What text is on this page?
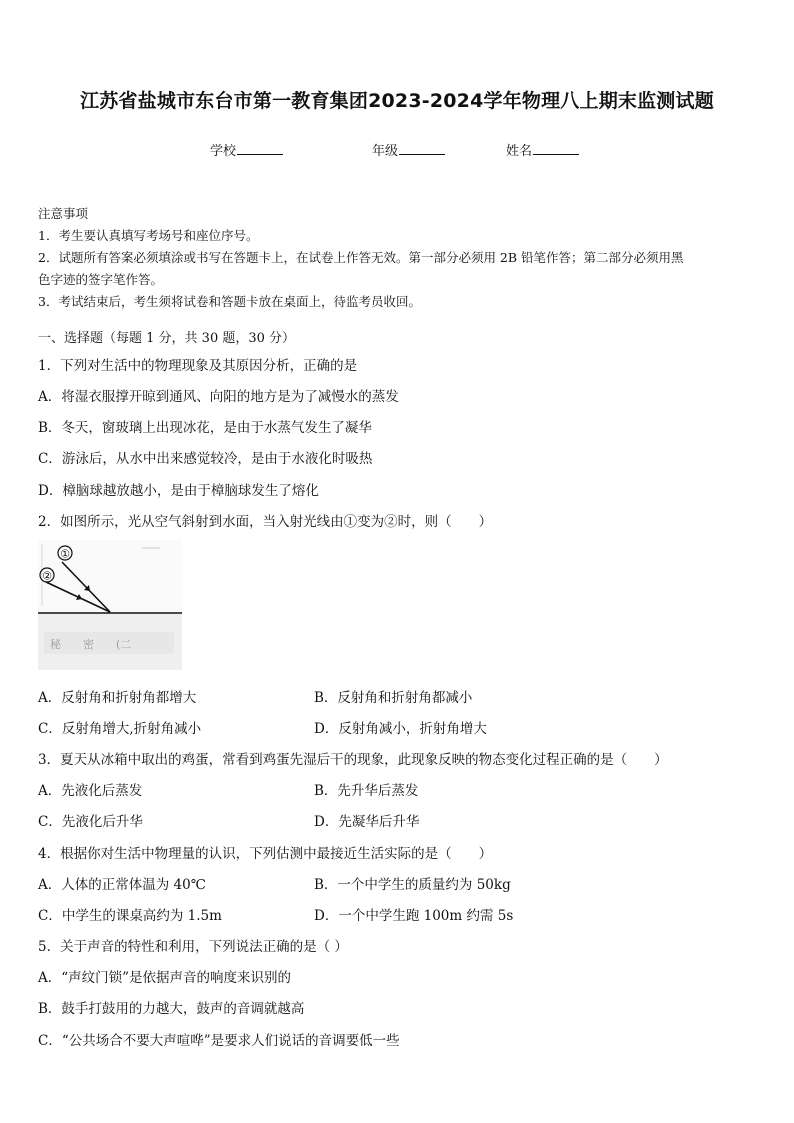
江苏省盐城市东台市第一教育集团2023-2024学年物理八上期末监测试题
学校	年级	姓名
注意事项
1．考生要认真填写考场号和座位序号。
2．试题所有答案必须填涂或书写在答题卡上，在试卷上作答无效。第一部分必须用 2B 铅笔作答；第二部分必须用黑
色字迹的签字笔作答。
3．考试结束后，考生须将试卷和答题卡放在桌面上，待监考员收回。
一、选择题（每题 1 分，共 30 题，30 分）
1．下列对生活中的物理现象及其原因分析，正确的是
A．将湿衣服撑开晾到通风、向阳的地方是为了减慢水的蒸发
B．冬天，窗玻璃上出现冰花，是由于水蒸气发生了凝华
C．游泳后，从水中出来感觉较冷，是由于水液化时吸热
D．樟脑球越放越小，是由于樟脑球发生了熔化
2．如图所示，光从空气斜射到水面，当入射光线由①变为②时，则（　　）
①
②
秘　　密　　(二
A．反射角和折射角都增大	B．反射角和折射角都减小
C．反射角增大,折射角减小	D．反射角减小，折射角增大
3．夏天从冰箱中取出的鸡蛋，常看到鸡蛋先湿后干的现象，此现象反映的物态变化过程正确的是（　　）
A．先液化后蒸发	B．先升华后蒸发
C．先液化后升华	D．先凝华后升华
4．根据你对生活中物理量的认识，下列估测中最接近生活实际的是（　　）
A．人体的正常体温为 40℃	B．一个中学生的质量约为 50kg
C．中学生的课桌高约为 1.5m	D．一个中学生跑 100m 约需 5s
5．关于声音的特性和利用，下列说法正确的是（ ）
A．“声纹门锁”是依据声音的响度来识别的
B．鼓手打鼓用的力越大，鼓声的音调就越高
C．“公共场合不要大声喧哗”是要求人们说话的音调要低一些
